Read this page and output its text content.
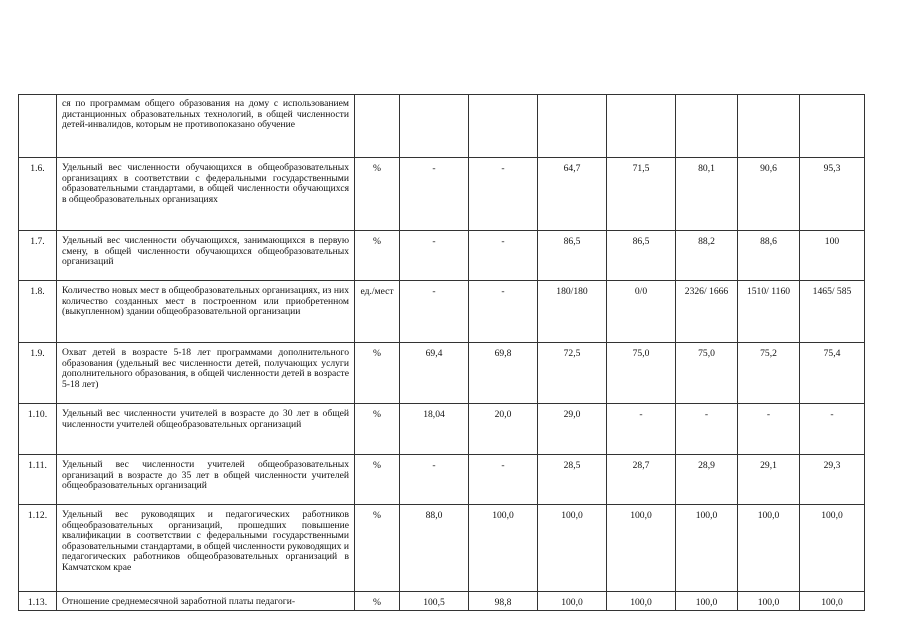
	ся по программам общего образования на дому с использованием дистанционных образовательных технологий, в общей численности детей-инвалидов, которым не противопоказано обучение								
1.6.	Удельный вес численности обучающихся в общеобразовательных организациях в соответствии с федеральными государственными образовательными стандартами, в общей численности обучающихся в общеобразовательных организациях	%	-	-	64,7	71,5	80,1	90,6	95,3
1.7.	Удельный вес численности обучающихся, занимающихся в первую смену, в общей численности обучающихся общеобразовательных организаций	%	-	-	86,5	86,5	88,2	88,6	100
1.8.	Количество новых мест в общеобразовательных организациях, из них количество созданных мест в построенном или приобретенном (выкупленном) здании общеобразовательной организации	ед./мест	-	-	180/180	0/0	2326/ 1666	1510/ 1160	1465/ 585
1.9.	Охват детей в возрасте 5-18 лет программами дополнительного образования (удельный вес численности детей, получающих услуги дополнительного образования, в общей численности детей в возрасте 5-18 лет)	%	69,4	69,8	72,5	75,0	75,0	75,2	75,4
1.10.	Удельный вес численности учителей в возрасте до 30 лет в общей численности учителей общеобразовательных организаций	%	18,04	20,0	29,0	-	-	-	-
1.11.	Удельный вес численности учителей общеобразовательных организаций в возрасте до 35 лет в общей численности учителей общеобразовательных организаций	%	-	-	28,5	28,7	28,9	29,1	29,3
1.12.	Удельный вес руководящих и педагогических работников общеобразовательных организаций, прошедших повышение квалификации в соответствии с федеральными государственными образовательными стандартами, в общей численности руководящих и педагогических работников общеобразовательных организаций в Камчатском крае	%	88,0	100,0	100,0	100,0	100,0	100,0	100,0
1.13.	Отношение среднемесячной заработной платы педагоги-	%	100,5	98,8	100,0	100,0	100,0	100,0	100,0
